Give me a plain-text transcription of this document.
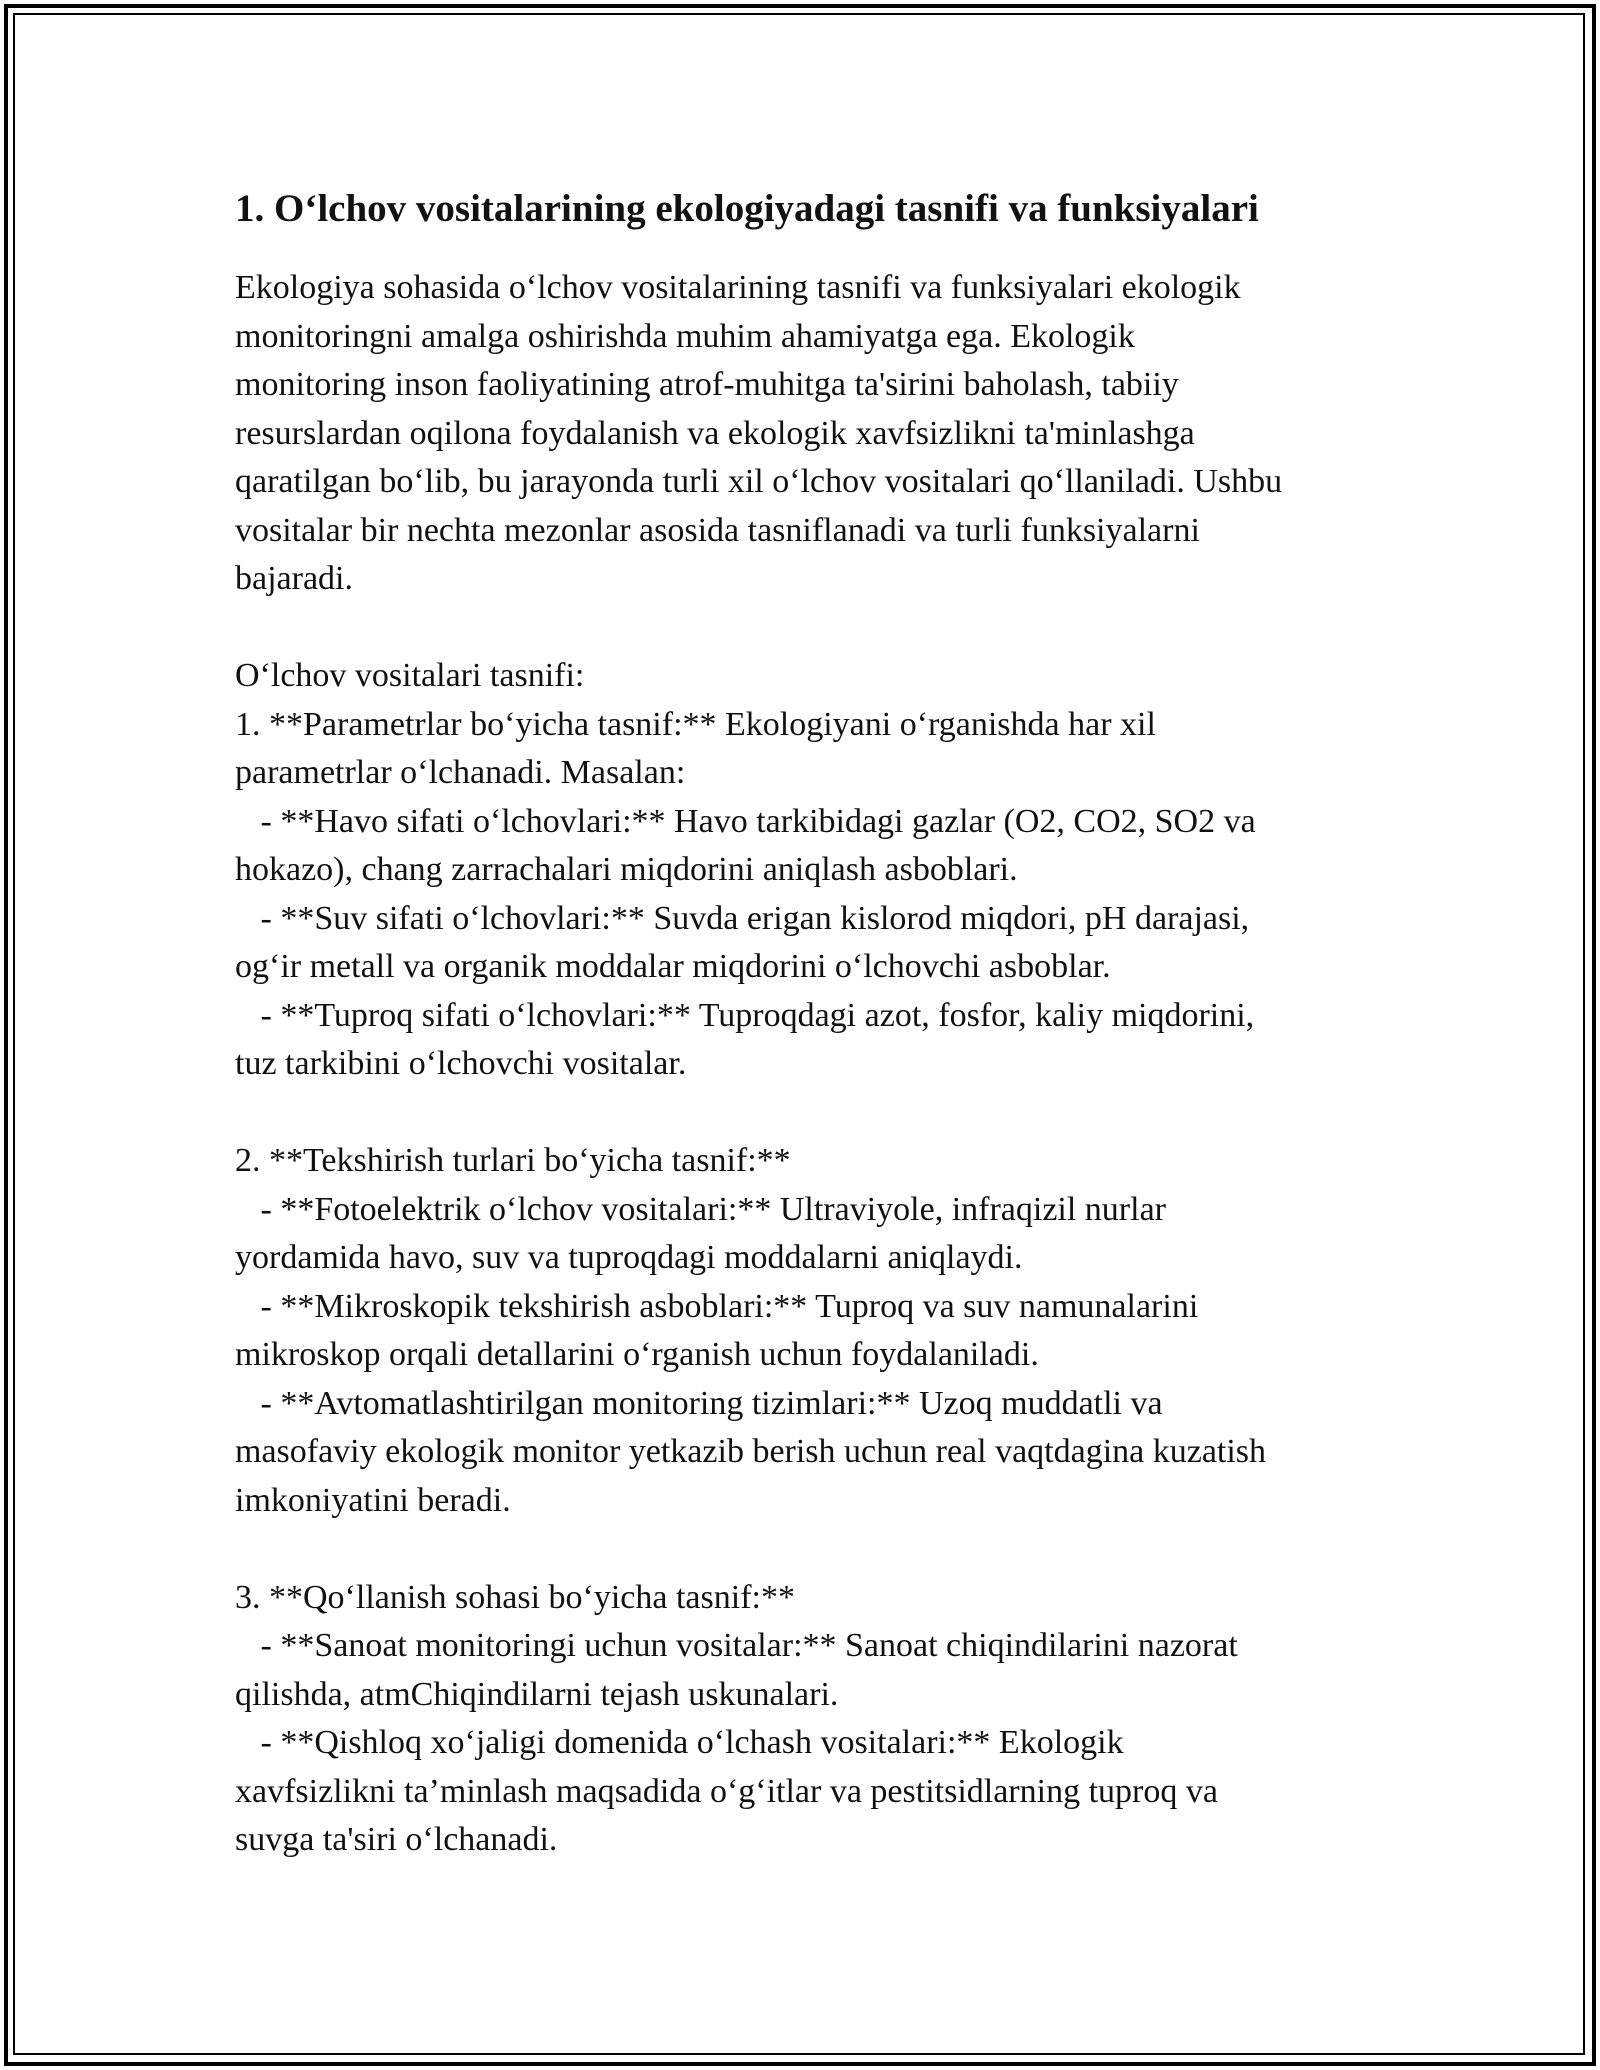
1. O‘lchov vositalarining ekologiyadagi tasnifi va funksiyalari
Ekologiya sohasida o‘lchov vositalarining tasnifi va funksiyalari ekologik
monitoringni amalga oshirishda muhim ahamiyatga ega. Ekologik
monitoring inson faoliyatining atrof-muhitga ta'sirini baholash, tabiiy
resurslardan oqilona foydalanish va ekologik xavfsizlikni ta'minlashga
qaratilgan bo‘lib, bu jarayonda turli xil o‘lchov vositalari qo‘llaniladi. Ushbu
vositalar bir nechta mezonlar asosida tasniflanadi va turli funksiyalarni
bajaradi.
O‘lchov vositalari tasnifi:
1. **Parametrlar bo‘yicha tasnif:** Ekologiyani o‘rganishda har xil
parametrlar o‘lchanadi. Masalan:
- **Havo sifati o‘lchovlari:** Havo tarkibidagi gazlar (O2, CO2, SO2 va
hokazo), chang zarrachalari miqdorini aniqlash asboblari.
- **Suv sifati o‘lchovlari:** Suvda erigan kislorod miqdori, pH darajasi,
og‘ir metall va organik moddalar miqdorini o‘lchovchi asboblar.
- **Tuproq sifati o‘lchovlari:** Tuproqdagi azot, fosfor, kaliy miqdorini,
tuz tarkibini o‘lchovchi vositalar.
2. **Tekshirish turlari bo‘yicha tasnif:**
- **Fotoelektrik o‘lchov vositalari:** Ultraviyole, infraqizil nurlar
yordamida havo, suv va tuproqdagi moddalarni aniqlaydi.
- **Mikroskopik tekshirish asboblari:** Tuproq va suv namunalarini
mikroskop orqali detallarini o‘rganish uchun foydalaniladi.
- **Avtomatlashtirilgan monitoring tizimlari:** Uzoq muddatli va
masofaviy ekologik monitor yetkazib berish uchun real vaqtdagina kuzatish
imkoniyatini beradi.
3. **Qo‘llanish sohasi bo‘yicha tasnif:**
- **Sanoat monitoringi uchun vositalar:** Sanoat chiqindilarini nazorat
qilishda, atmChiqindilarni tejash uskunalari.
- **Qishloq xo‘jaligi domenida o‘lchash vositalari:** Ekologik
xavfsizlikni ta’minlash maqsadida o‘g‘itlar va pestitsidlarning tuproq va
suvga ta'siri o‘lchanadi.
